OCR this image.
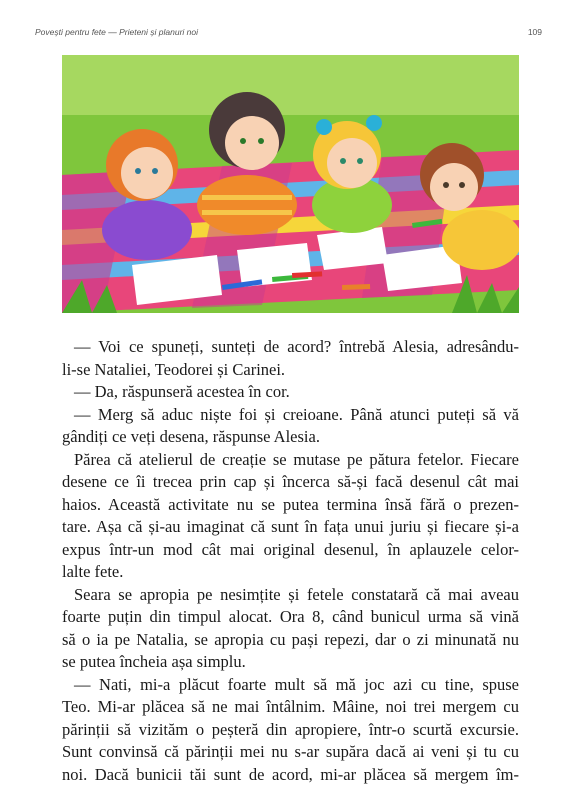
Povești pentru fete — Prieteni și planuri noi	109
— Voi ce spuneți, sunteți de acord? întrebă Alesia, adresându-
li-se Nataliei, Teodorei și Carinei.
— Da, răspunseră acestea în cor.
— Merg să aduc niște foi și creioane. Până atunci puteți să vă
gândiți ce veți desena, răspunse Alesia.
Părea că atelierul de creație se mutase pe pătura fetelor. Fiecare
desene ce îi trecea prin cap și încerca să-și facă desenul cât mai
haios. Această activitate nu se putea termina însă fără o prezen-
tare. Așa că și-au imaginat că sunt în fața unui juriu și fiecare și-a
expus într-un mod cât mai original desenul, în aplauzele celor-
lalte fete.
Seara se apropia pe nesimțite și fetele constatară că mai aveau
foarte puțin din timpul alocat. Ora 8, când bunicul urma să vină
să o ia pe Natalia, se apropia cu pași repezi, dar o zi minunată nu
se putea încheia așa simplu.
— Nati, mi-a plăcut foarte mult să mă joc azi cu tine, spuse
Teo. Mi-ar plăcea să ne mai întâlnim. Mâine, noi trei mergem cu
părinții să vizităm o peșteră din apropiere, într-o scurtă excursie.
Sunt convinsă că părinții mei nu s-ar supăra dacă ai veni și tu cu
noi. Dacă bunicii tăi sunt de acord, mi-ar plăcea să mergem îm-
